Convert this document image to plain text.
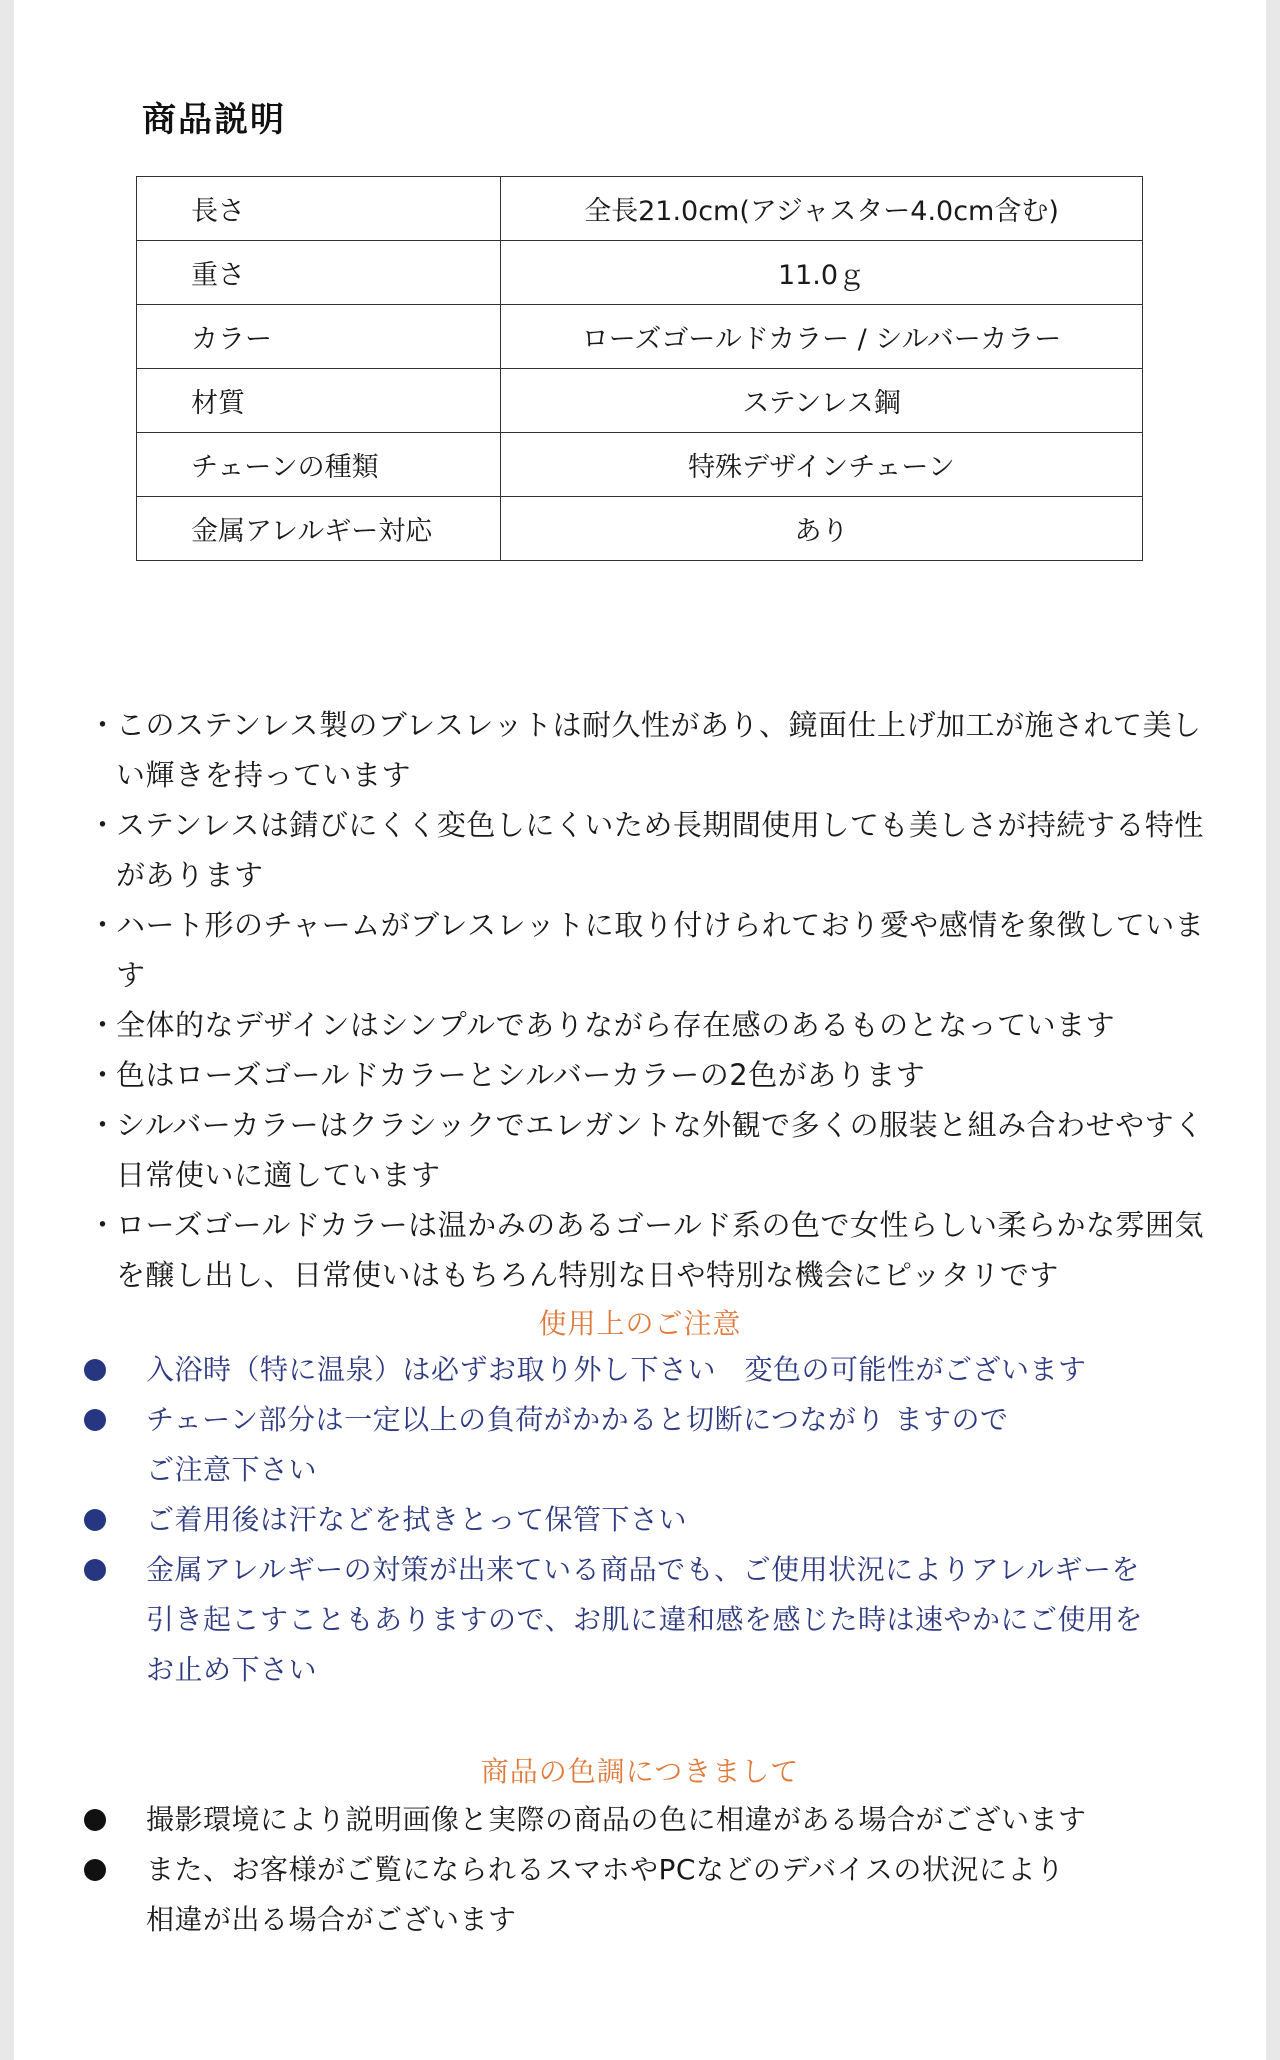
商品説明
長さ	全長21.0cm(アジャスター4.0cm含む)
重さ	11.0ｇ
カラー	ローズゴールドカラー / シルバーカラー
材質	ステンレス鋼
チェーンの種類	特殊デザインチェーン
金属アレルギー対応	あり
・
このステンレス製のブレスレットは耐久性があり、鏡面仕上げ加工が施されて美しい輝きを持っています
・
ステンレスは錆びにくく変色しにくいため長期間使用しても美しさが持続する特性があります
・
ハート形のチャームがブレスレットに取り付けられており愛や感情を象徴しています
・
全体的なデザインはシンプルでありながら存在感のあるものとなっています
・
色はローズゴールドカラーとシルバーカラーの2色があります
・
シルバーカラーはクラシックでエレガントな外観で多くの服装と組み合わせやすく日常使いに適しています
・
ローズゴールドカラーは温かみのあるゴールド系の色で女性らしい柔らかな雰囲気を醸し出し、日常使いはもちろん特別な日や特別な機会にピッタリです
使用上のご注意
入浴時（特に温泉）は必ずお取り外し下さい　変色の可能性がございます
チェーン部分は一定以上の負荷がかかると切断につながり ますので
ご注意下さい
ご着用後は汗などを拭きとって保管下さい
金属アレルギーの対策が出来ている商品でも、ご使用状況によりアレルギーを
引き起こすこともありますので、お肌に違和感を感じた時は速やかにご使用を
お止め下さい
商品の色調につきまして
撮影環境により説明画像と実際の商品の色に相違がある場合がございます
また、お客様がご覧になられるスマホやPCなどのデバイスの状況により
相違が出る場合がございます
